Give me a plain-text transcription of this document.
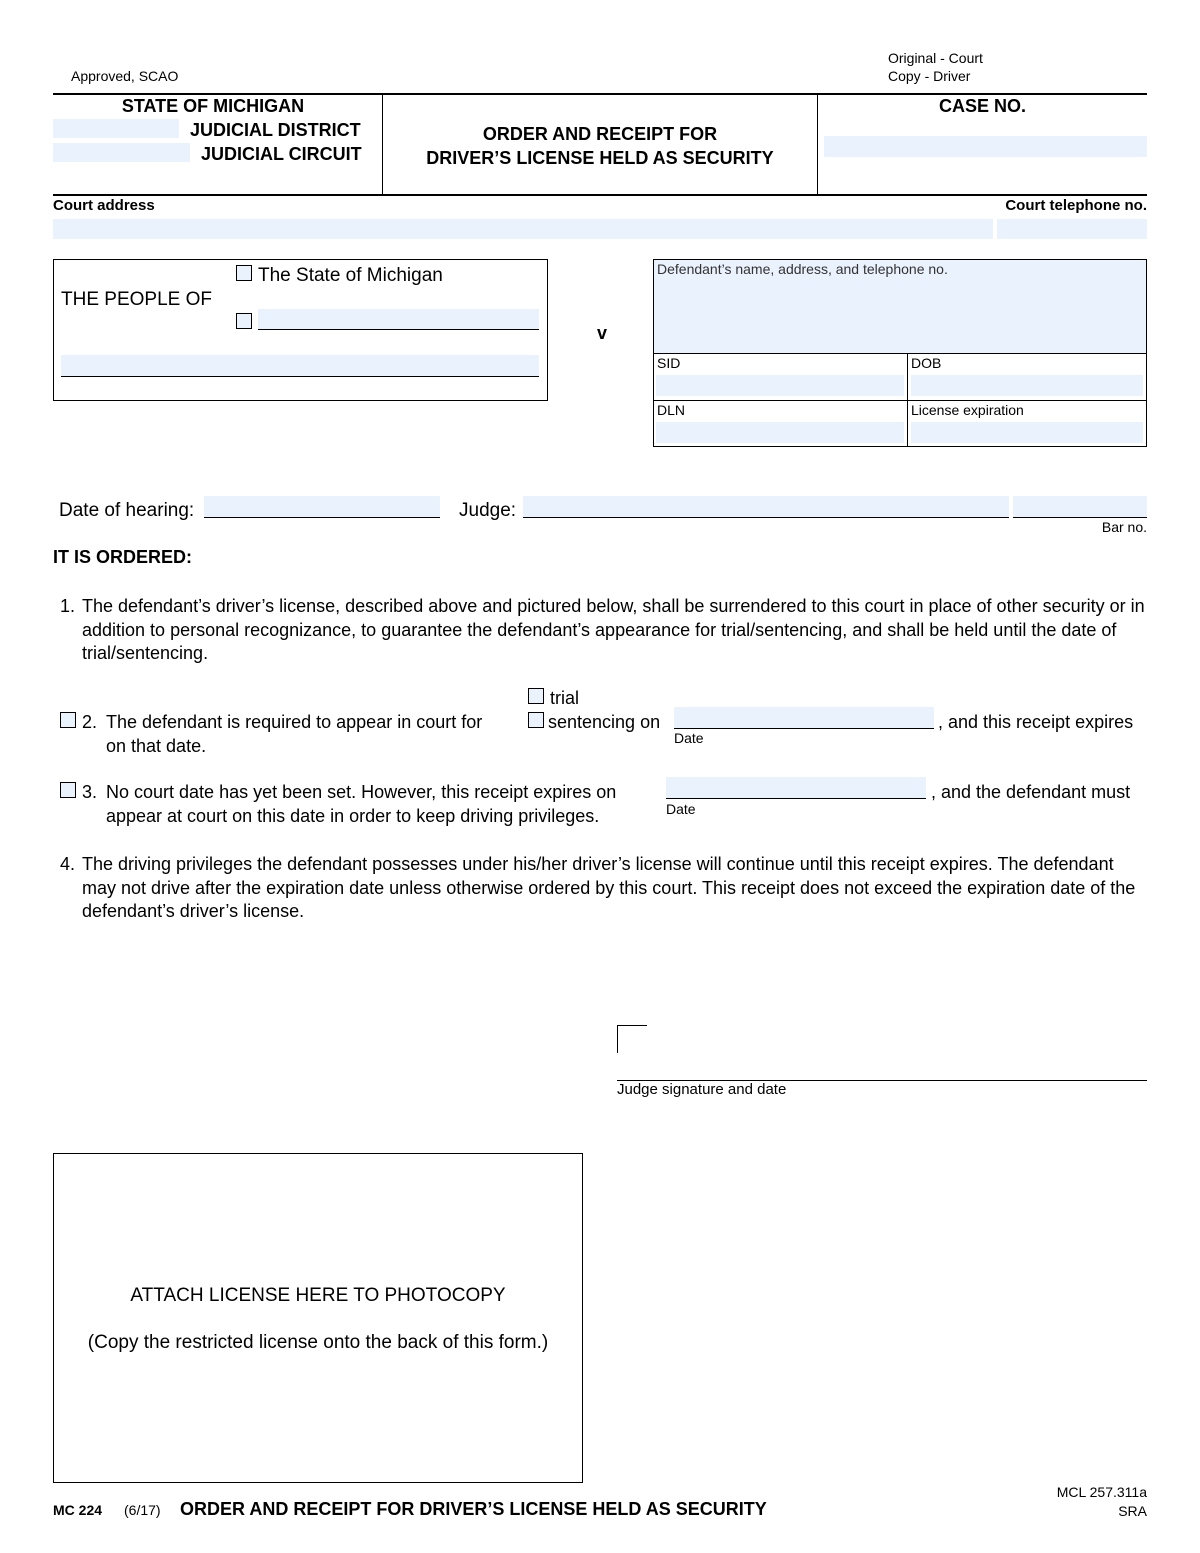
Approved, SCAO
Original - Court
Copy - Driver
STATE OF MICHIGAN
JUDICIAL DISTRICT
JUDICIAL CIRCUIT
ORDER AND RECEIPT FOR
DRIVER’S LICENSE HELD AS SECURITY
CASE NO.
Court address	Court telephone no.
THE PEOPLE OF
The State of Michigan
v
Defendant’s name, address, and telephone no.
SID	DOB
DLN	License expiration
Date of hearing:	Judge:
Bar no.
IT IS ORDERED:
1. The defendant’s driver’s license, described above and pictured below, shall be surrendered to this court in place of other security or in addition to personal recognizance, to guarantee the defendant’s appearance for trial/sentencing, and shall be held until the date of trial/sentencing.
2. The defendant is required to appear in court for
trial
sentencing on
Date
, and this receipt expires
on that date.
3. No court date has yet been set. However, this receipt expires on
Date
, and the defendant must
appear at court on this date in order to keep driving privileges.
4. The driving privileges the defendant possesses under his/her driver’s license will continue until this receipt expires. The defendant may not drive after the expiration date unless otherwise ordered by this court. This receipt does not exceed the expiration date of the defendant’s driver’s license.
Judge signature and date
ATTACH LICENSE HERE TO PHOTOCOPY
(Copy the restricted license onto the back of this form.)
MC 224 (6/17) ORDER AND RECEIPT FOR DRIVER’S LICENSE HELD AS SECURITY
MCL 257.311a
SRA
